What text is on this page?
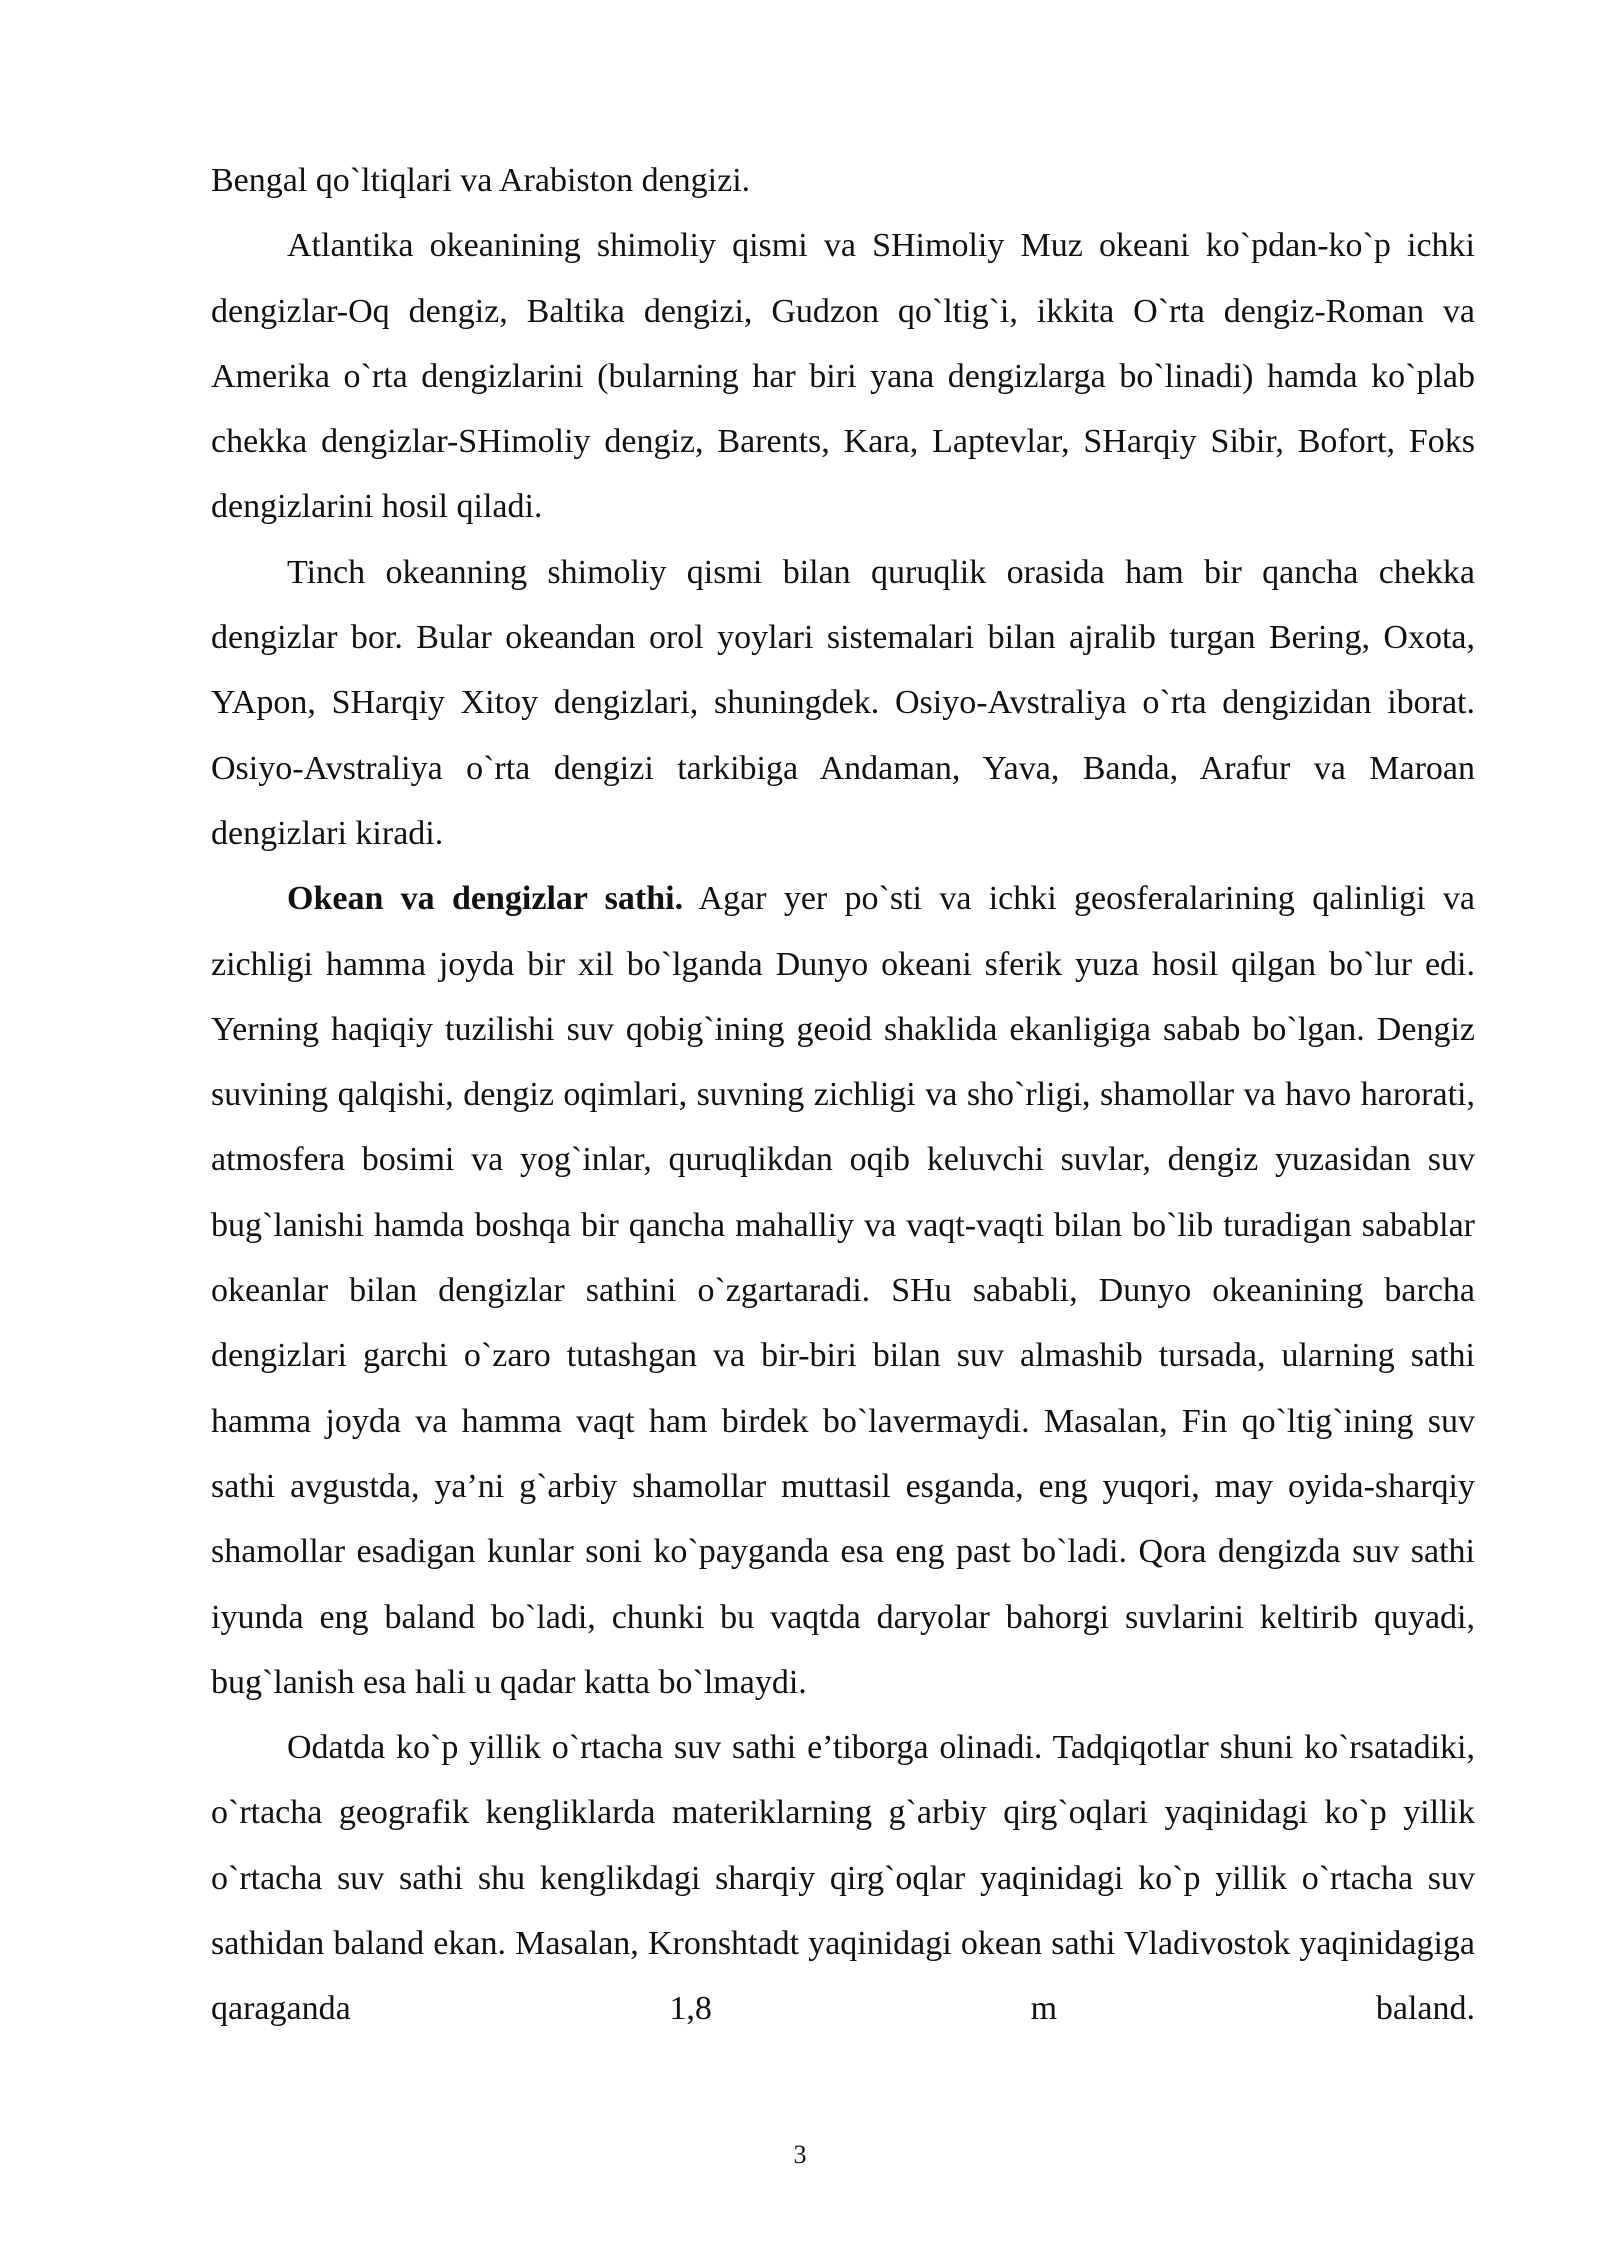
Bengal qo`ltiqlari va Arabiston dengizi.

Atlantika okeanining shimoliy qismi va SHimoliy Muz okeani ko`pdan-ko`p ichki dengizlar-Oq dengiz, Baltika dengizi, Gudzon qo`ltig`i, ikkita O`rta dengiz-Roman va Amerika o`rta dengizlarini (bularning har biri yana dengizlarga bo`linadi) hamda ko`plab chekka dengizlar-SHimoliy dengiz, Barents, Kara, Laptevlar, SHarqiy Sibir, Bofort, Foks dengizlarini hosil qiladi.

Tinch okeanning shimoliy qismi bilan quruqlik orasida ham bir qancha chekka dengizlar bor. Bular okeandan orol yoylari sistemalari bilan ajralib turgan Bering, Oxota, YApon, SHarqiy Xitoy dengizlari, shuningdek. Osiyo-Avstraliya o`rta dengizidan iborat. Osiyo-Avstraliya o`rta dengizi tarkibiga Andaman, Yava, Banda, Arafur va Maroan dengizlari kiradi.

Okean va dengizlar sathi. Agar yer po`sti va ichki geosferalarining qalinligi va zichligi hamma joyda bir xil bo`lganda Dunyo okeani sferik yuza hosil qilgan bo`lur edi. Yerning haqiqiy tuzilishi suv qobig`ining geoid shaklida ekanligiga sabab bo`lgan. Dengiz suvining qalqishi, dengiz oqimlari, suvning zichligi va sho`rligi, shamollar va havo harorati, atmosfera bosimi va yog`inlar, quruqlikdan oqib keluvchi suvlar, dengiz yuzasidan suv bug`lanishi hamda boshqa bir qancha mahalliy va vaqt-vaqti bilan bo`lib turadigan sabablar okeanlar bilan dengizlar sathini o`zgartaradi. SHu sababli, Dunyo okeanining barcha dengizlari garchi o`zaro tutashgan va bir-biri bilan suv almashib tursada, ularning sathi hamma joyda va hamma vaqt ham birdek bo`lavermaydi. Masalan, Fin qo`ltig`ining suv sathi avgustda, ya’ni g`arbiy shamollar muttasil esganda, eng yuqori, may oyida-sharqiy shamollar esadigan kunlar soni ko`payganda esa eng past bo`ladi. Qora dengizda suv sathi iyunda eng baland bo`ladi, chunki bu vaqtda daryolar bahorgi suvlarini keltirib quyadi, bug`lanish esa hali u qadar katta bo`lmaydi.

Odatda ko`p yillik o`rtacha suv sathi e’tiborga olinadi. Tadqiqotlar shuni ko`rsatadiki, o`rtacha geografik kengliklarda materiklarning g`arbiy qirg`oqlari yaqinidagi ko`p yillik o`rtacha suv sathi shu kenglikdagi sharqiy qirg`oqlar yaqinidagi ko`p yillik o`rtacha suv sathidan baland ekan. Masalan, Kronshtadt yaqinidagi okean sathi Vladivostok yaqinidagiga qaraganda 1,8 m baland.

3
